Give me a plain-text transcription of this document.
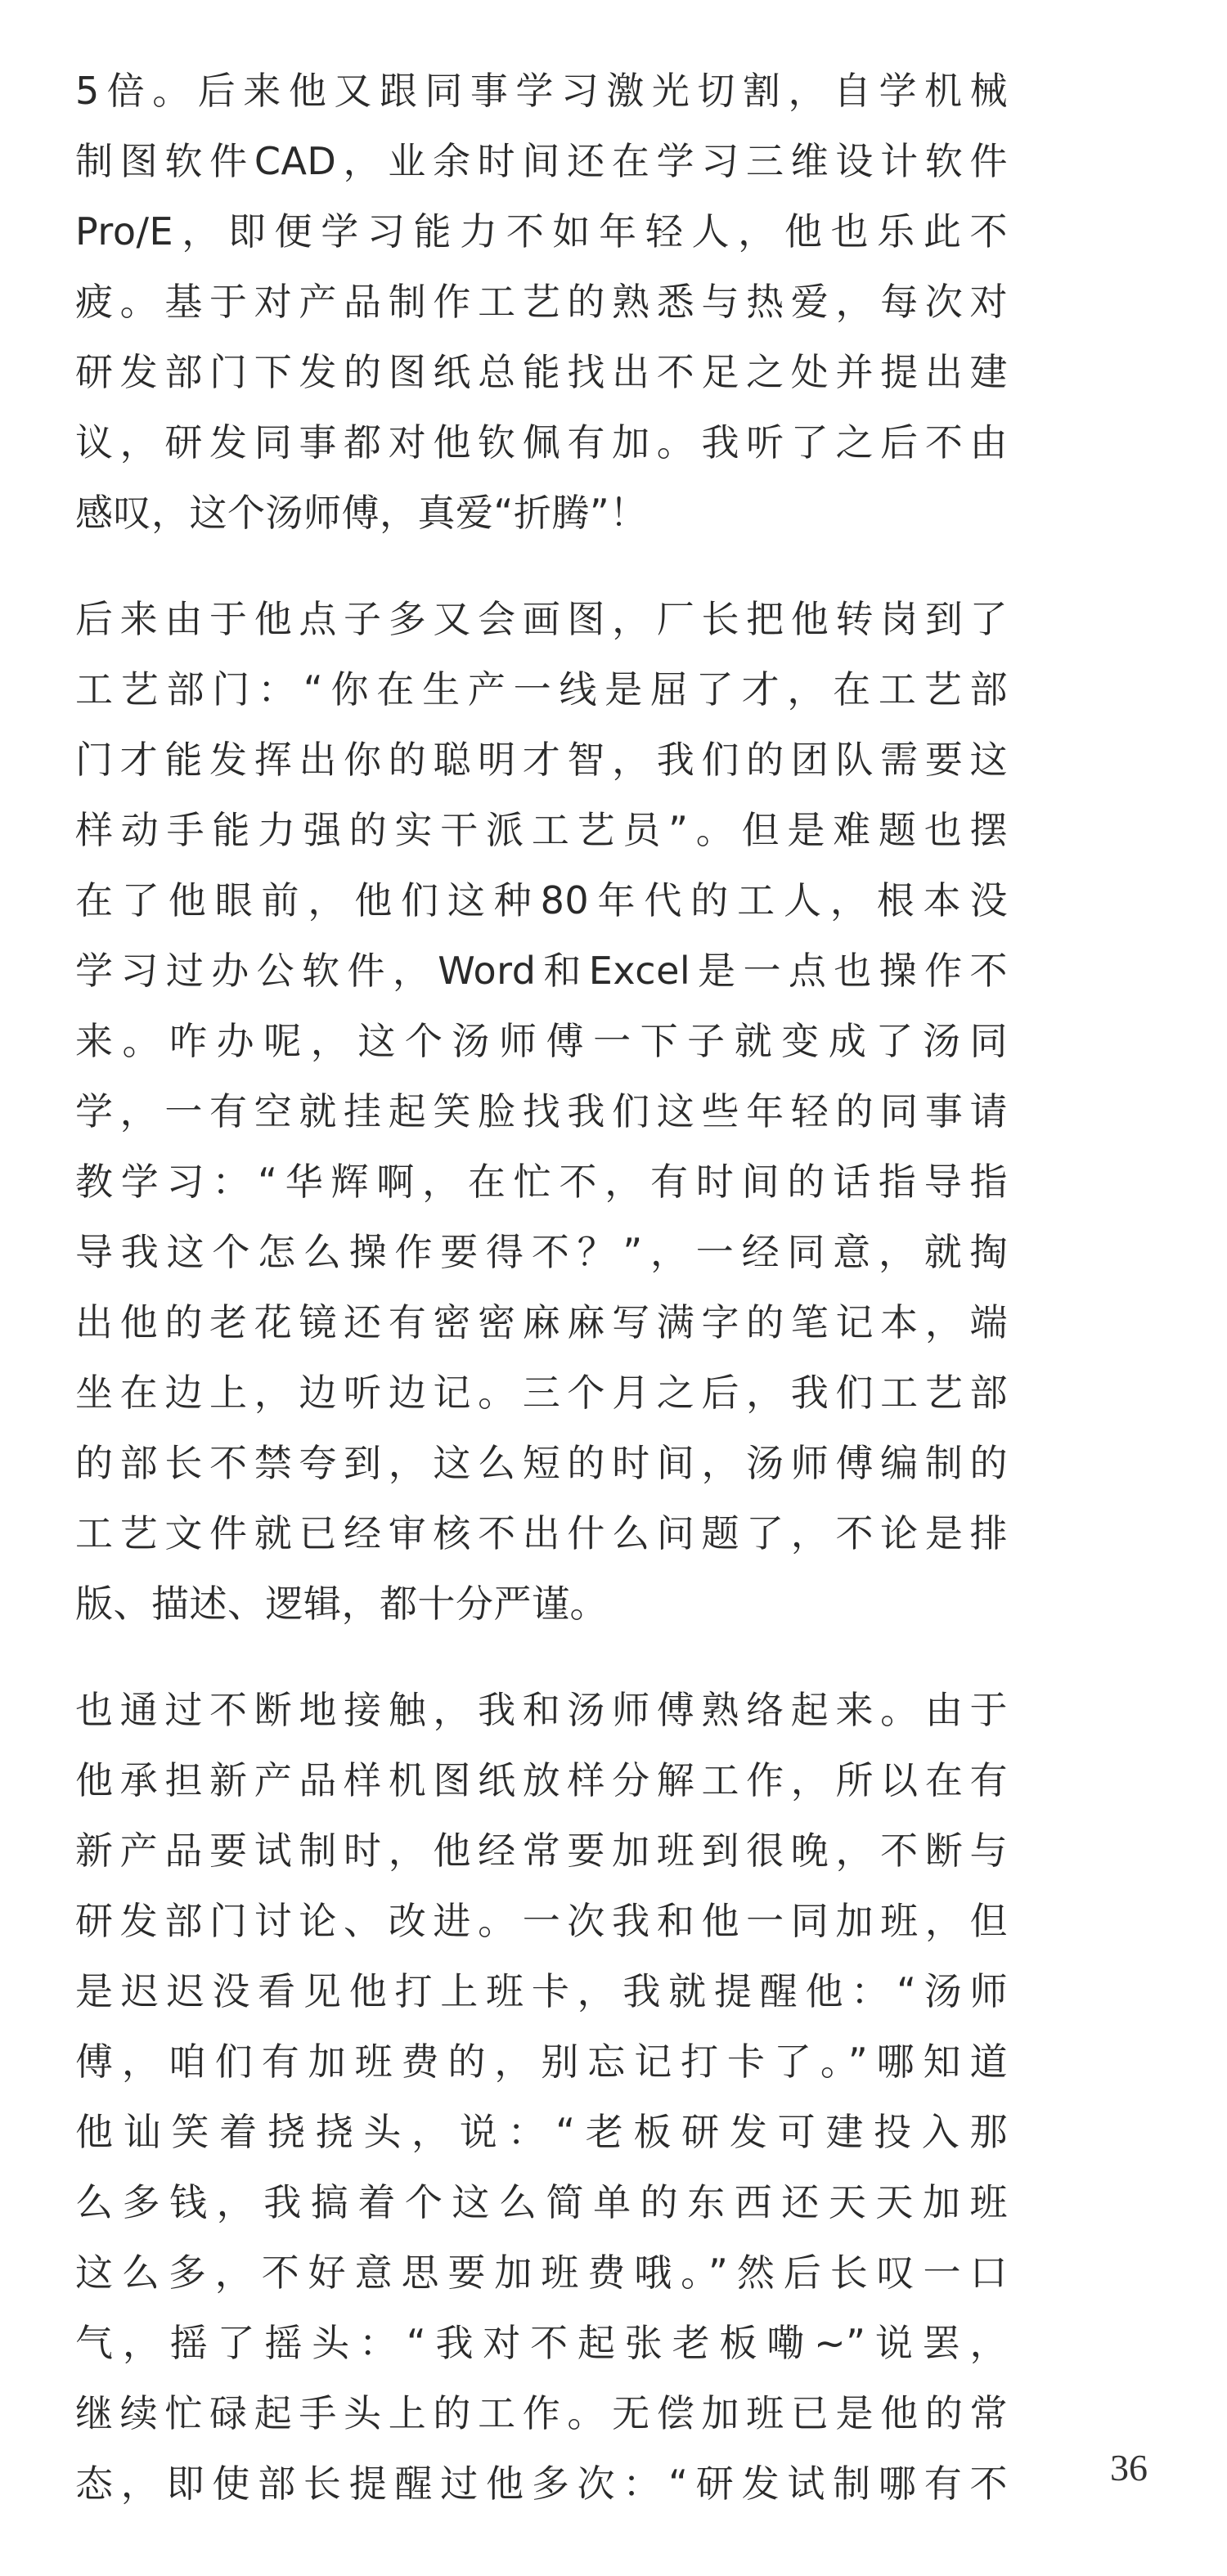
5倍。后来他又跟同事学习激光切割，自学机械
制图软件CAD，业余时间还在学习三维设计软件
Pro/E，即便学习能力不如年轻人，他也乐此不
疲。基于对产品制作工艺的熟悉与热爱，每次对
研发部门下发的图纸总能找出不足之处并提出建
议，研发同事都对他钦佩有加。我听了之后不由
感叹，这个汤师傅，真爱“折腾”！

后来由于他点子多又会画图，厂长把他转岗到了
工艺部门：“你在生产一线是屈了才，在工艺部
门才能发挥出你的聪明才智，我们的团队需要这
样动手能力强的实干派工艺员”。但是难题也摆
在了他眼前，他们这种80年代的工人，根本没
学习过办公软件，Word和Excel是一点也操作不
来。咋办呢，这个汤师傅一下子就变成了汤同
学，一有空就挂起笑脸找我们这些年轻的同事请
教学习：“华辉啊，在忙不，有时间的话指导指
导我这个怎么操作要得不？”，一经同意，就掏
出他的老花镜还有密密麻麻写满字的笔记本，端
坐在边上，边听边记。三个月之后，我们工艺部
的部长不禁夸到，这么短的时间，汤师傅编制的
工艺文件就已经审核不出什么问题了，不论是排
版、描述、逻辑，都十分严谨。

也通过不断地接触，我和汤师傅熟络起来。由于
他承担新产品样机图纸放样分解工作，所以在有
新产品要试制时，他经常要加班到很晚，不断与
研发部门讨论、改进。一次我和他一同加班，但
是迟迟没看见他打上班卡，我就提醒他：“汤师
傅，咱们有加班费的，别忘记打卡了。”哪知道
他讪笑着挠挠头，说：“老板研发可建投入那
么多钱，我搞着个这么简单的东西还天天加班
这么多，不好意思要加班费哦。”然后长叹一口
气，摇了摇头：“我对不起张老板嘞~”说罢，
继续忙碌起手头上的工作。无偿加班已是他的常
态，即使部长提醒过他多次：“研发试制哪有不	36
